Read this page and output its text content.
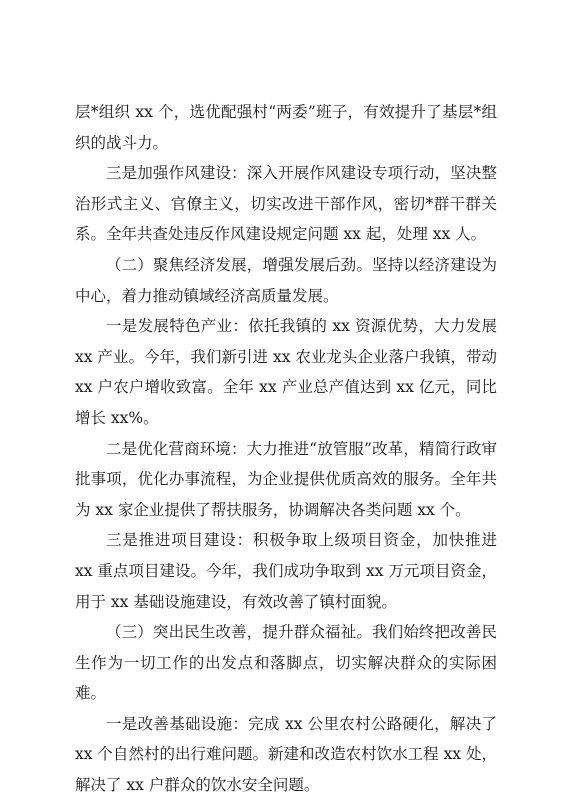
层*组织 xx 个，选优配强村“两委”班子，有效提升了基层*组织的战斗力。

三是加强作风建设：深入开展作风建设专项行动，坚决整治形式主义、官僚主义，切实改进干部作风，密切*群干群关系。全年共查处违反作风建设规定问题 xx 起，处理 xx 人。

（二）聚焦经济发展，增强发展后劲。坚持以经济建设为中心，着力推动镇域经济高质量发展。

一是发展特色产业：依托我镇的 xx 资源优势，大力发展 xx 产业。今年，我们新引进 xx 农业龙头企业落户我镇，带动 xx 户农户增收致富。全年 xx 产业总产值达到 xx 亿元，同比增长 xx%。

二是优化营商环境：大力推进“放管服”改革，精简行政审批事项，优化办事流程，为企业提供优质高效的服务。全年共为 xx 家企业提供了帮扶服务，协调解决各类问题 xx 个。

三是推进项目建设：积极争取上级项目资金，加快推进 xx 重点项目建设。今年，我们成功争取到 xx 万元项目资金，用于 xx 基础设施建设，有效改善了镇村面貌。

（三）突出民生改善，提升群众福祉。我们始终把改善民生作为一切工作的出发点和落脚点，切实解决群众的实际困难。

一是改善基础设施：完成 xx 公里农村公路硬化，解决了 xx 个自然村的出行难问题。新建和改造农村饮水工程 xx 处，解决了 xx 户群众的饮水安全问题。
